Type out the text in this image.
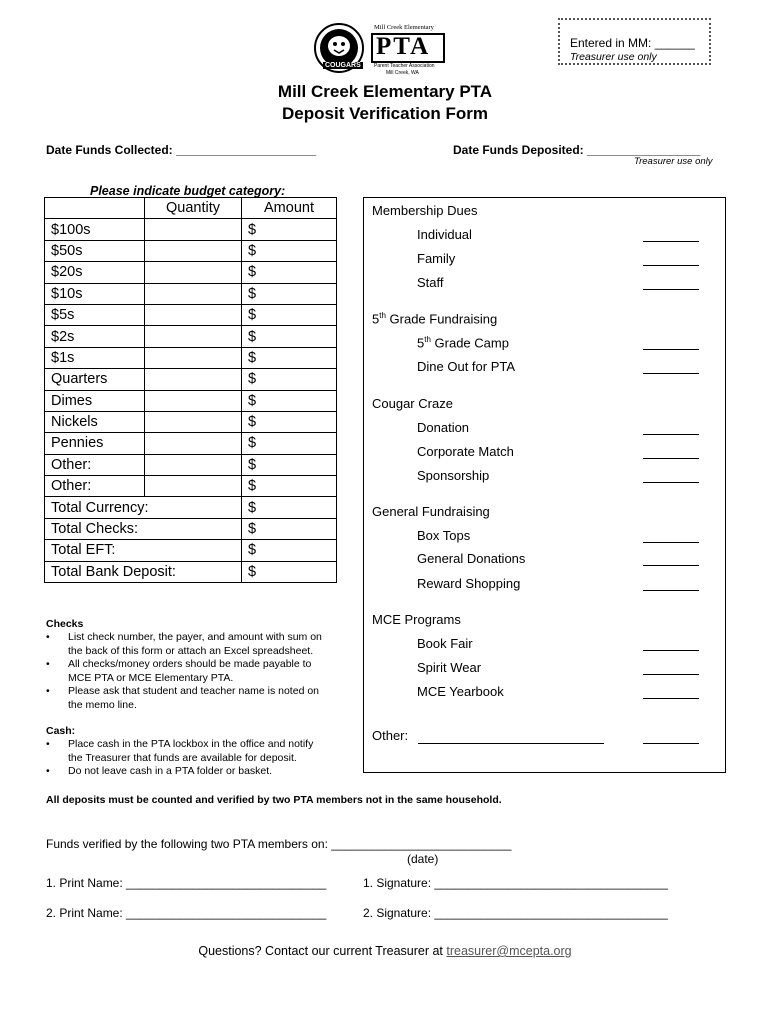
COUGARS
Mill Creek Elementary
PTA
Parent Teacher Association
Mill Creek, WA
Entered in MM: ______
Treasurer use only
Mill Creek Elementary PTA
Deposit Verification Form
Date Funds Collected: _____________________	Date Funds Deposited: _________________
Treasurer use only
Please indicate budget category:
	Quantity	Amount
$100s		$
$50s		$
$20s		$
$10s		$
$5s		$
$2s		$
$1s		$
Quarters		$
Dimes		$
Nickels		$
Pennies		$
Other:		$
Other:		$
Total Currency:		$
Total Checks:		$
Total EFT:		$
Total Bank Deposit:		$
Membership Dues
Individual
Family
Staff
5th Grade Fundraising
5th Grade Camp
Dine Out for PTA
Cougar Craze
Donation
Corporate Match
Sponsorship
General Fundraising
Box Tops
General Donations
Reward Shopping
MCE Programs
Book Fair
Spirit Wear
MCE Yearbook
Other:
Checks
• List check number, the payer, and amount with sum on
the back of this form or attach an Excel spreadsheet.
• All checks/money orders should be made payable to
MCE PTA or MCE Elementary PTA.
• Please ask that student and teacher name is noted on
the memo line.
Cash:
• Place cash in the PTA lockbox in the office and notify
the Treasurer that funds are available for deposit.
• Do not leave cash in a PTA folder or basket.
All deposits must be counted and verified by two PTA members not in the same household.
Funds verified by the following two PTA members on: ___________________________
(date)
1. Print Name: ______________________________	1. Signature: ___________________________________
2. Print Name: ______________________________	2. Signature: ___________________________________
Questions? Contact our current Treasurer at treasurer@mcepta.org
